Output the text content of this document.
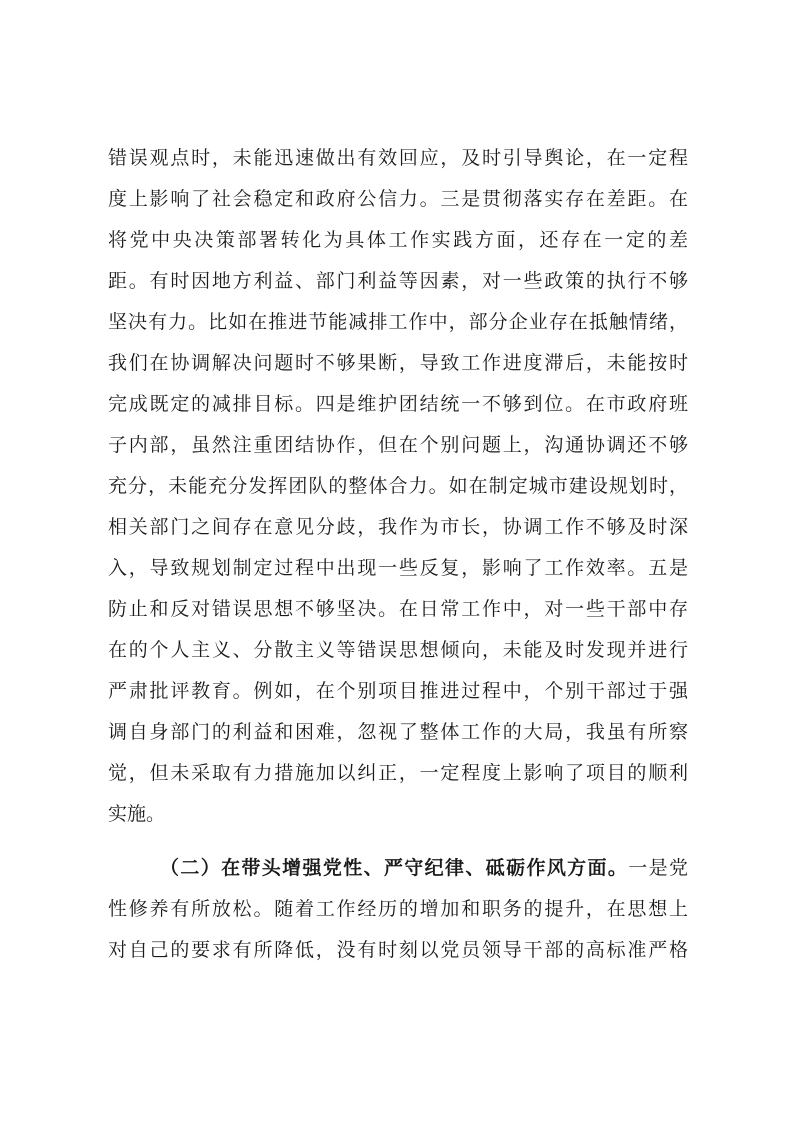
错误观点时，未能迅速做出有效回应，及时引导舆论，在一定程
度上影响了社会稳定和政府公信力。三是贯彻落实存在差距。在
将党中央决策部署转化为具体工作实践方面，还存在一定的差
距。有时因地方利益、部门利益等因素，对一些政策的执行不够
坚决有力。比如在推进节能减排工作中，部分企业存在抵触情绪，
我们在协调解决问题时不够果断，导致工作进度滞后，未能按时
完成既定的减排目标。四是维护团结统一不够到位。在市政府班
子内部，虽然注重团结协作，但在个别问题上，沟通协调还不够
充分，未能充分发挥团队的整体合力。如在制定城市建设规划时，
相关部门之间存在意见分歧，我作为市长，协调工作不够及时深
入，导致规划制定过程中出现一些反复，影响了工作效率。五是
防止和反对错误思想不够坚决。在日常工作中，对一些干部中存
在的个人主义、分散主义等错误思想倾向，未能及时发现并进行
严肃批评教育。例如，在个别项目推进过程中，个别干部过于强
调自身部门的利益和困难，忽视了整体工作的大局，我虽有所察
觉，但未采取有力措施加以纠正，一定程度上影响了项目的顺利
实施。
（二）在带头增强党性、严守纪律、砥砺作风方面。一是党
性修养有所放松。随着工作经历的增加和职务的提升，在思想上
对自己的要求有所降低，没有时刻以党员领导干部的高标准严格
